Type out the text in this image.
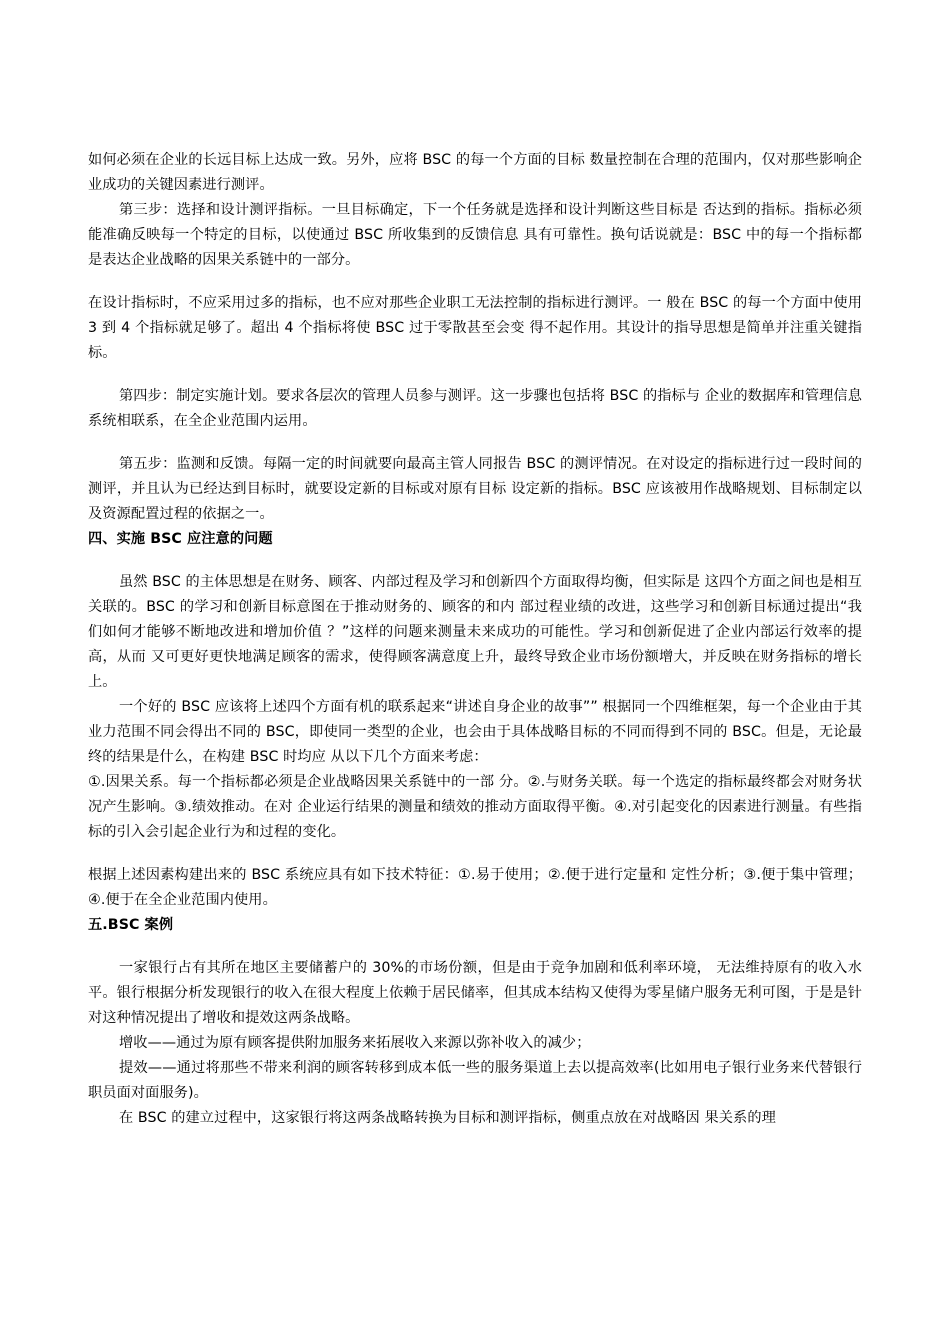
如何必须在企业的长远目标上达成一致。另外，应将 BSC 的每一个方面的目标 数量控制在合理的范围内，仅对那些影响企业成功的关键因素进行测评。

第三步：选择和设计测评指标。一旦目标确定，下一个任务就是选择和设计判断这些目标是 否达到的指标。指标必须能准确反映每一个特定的目标，以使通过 BSC 所收集到的反馈信息 具有可靠性。换句话说就是：BSC 中的每一个指标都是表达企业战略的因果关系链中的一部分。

在设计指标时，不应采用过多的指标，也不应对那些企业职工无法控制的指标进行测评。一 般在 BSC 的每一个方面中使用 3 到 4 个指标就足够了。超出 4 个指标将使 BSC 过于零散甚至会变 得不起作用。其设计的指导思想是简单并注重关键指标。

第四步：制定实施计划。要求各层次的管理人员参与测评。这一步骤也包括将 BSC 的指标与 企业的数据库和管理信息系统相联系，在全企业范围内运用。

第五步：监测和反馈。每隔一定的时间就要向最高主管人同报告 BSC 的测评情况。在对设定的指标进行过一段时间的测评，并且认为已经达到目标时，就要设定新的目标或对原有目标 设定新的指标。BSC 应该被用作战略规划、目标制定以及资源配置过程的依据之一。

四、实施 BSC 应注意的问题

虽然 BSC 的主体思想是在财务、顾客、内部过程及学习和创新四个方面取得均衡，但实际是 这四个方面之间也是相互关联的。BSC 的学习和创新目标意图在于推动财务的、顾客的和内 部过程业绩的改进，这些学习和创新目标通过提出“我们如何才能够不断地改进和增加价值 ？”这样的问题来测量未来成功的可能性。学习和创新促进了企业内部运行效率的提高，从而 又可更好更快地满足顾客的需求，使得顾客满意度上升，最终导致企业市场份额增大，并反映在财务指标的增长上。

一个好的 BSC 应该将上述四个方面有机的联系起来“讲述自身企业的故事”” 根据同一个四维框架，每一个企业由于其业力范围不同会得出不同的 BSC，即使同一类型的企业，也会由于具体战略目标的不同而得到不同的 BSC。但是，无论最终的结果是什么，在构建 BSC 时均应 从以下几个方面来考虑：

①.因果关系。每一个指标都必须是企业战略因果关系链中的一部 分。②.与财务关联。每一个选定的指标最终都会对财务状况产生影响。③.绩效推动。在对 企业运行结果的测量和绩效的推动方面取得平衡。④.对引起变化的因素进行测量。有些指 标的引入会引起企业行为和过程的变化。

根据上述因素构建出来的 BSC 系统应具有如下技术特征：①.易于使用；②.便于进行定量和 定性分析；③.便于集中管理；④.便于在全企业范围内使用。

五.BSC 案例

一家银行占有其所在地区主要储蓄户的 30%的市场份额，但是由于竞争加剧和低利率环境， 无法维持原有的收入水平。银行根据分析发现银行的收入在很大程度上依赖于居民储率，但其成本结构又使得为零星储户服务无利可图，于是是针对这种情况提出了增收和提效这两条战略。

增收——通过为原有顾客提供附加服务来拓展收入来源以弥补收入的减少；

提效——通过将那些不带来利润的顾客转移到成本低一些的服务渠道上去以提高效率(比如用电子银行业务来代替银行职员面对面服务)。

在 BSC 的建立过程中，这家银行将这两条战略转换为目标和测评指标，侧重点放在对战略因 果关系的理
